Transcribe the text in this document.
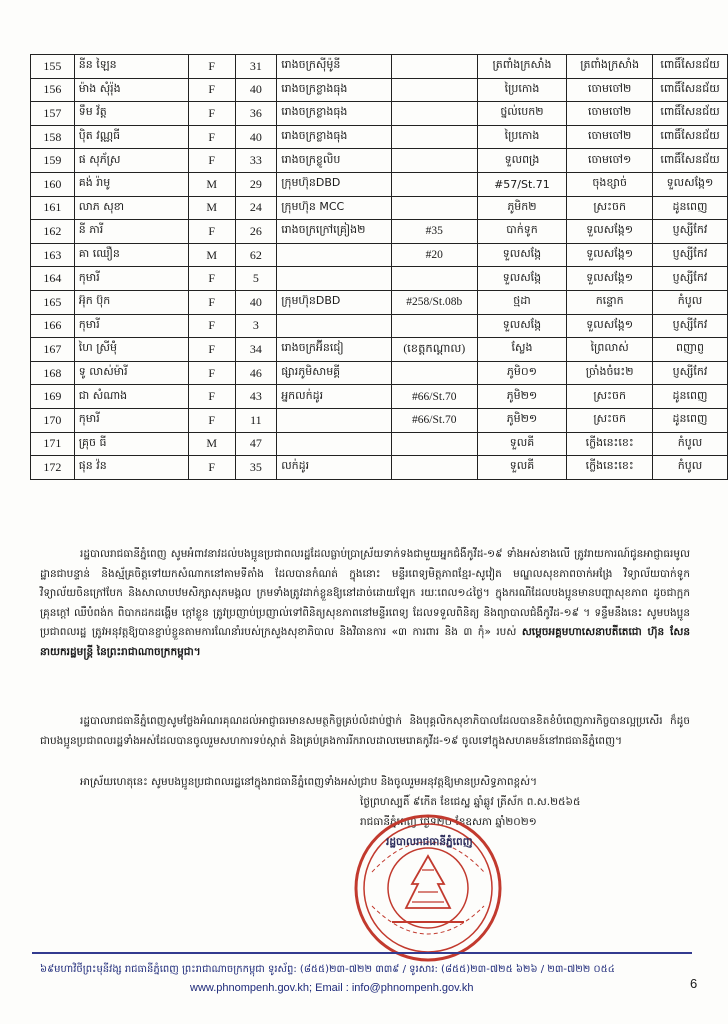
155	នីន ឡៃន	F	31	រោងចក្រស៊ីម៉ូនី		ត្រពាំងក្រសាំង	ត្រពាំងក្រសាំង	ពោធិ៍សែនជ័យ
156	ម៉ាង សុំរ៉ុង	F	40	រោងចក្រខ្លាងធុង		ប្រៃកោង	ចោមចៅ២	ពោធិ៍សែនជ័យ
157	ទឹម វ័ត្ត	F	36	រោងចក្រខ្លាងធុង		ថ្នល់បេក២	ចោមចៅ២	ពោធិ៍សែនជ័យ
158	ប៉ិត វណ្ណធី	F	40	រោងចក្រខ្លាងធុង		ប្រៃកោង	ចោមចៅ២	ពោធិ៍សែនជ័យ
159	ផ សុភ័ស្រ	F	33	រោងចក្រខ្លូលិប		ទួលពង្រ	ចោមចៅ១	ពោធិ៍សែនជ័យ
160	គង់ រ៉ាមូ	M	29	ក្រុមហ៊ុនDBD		#57/St.71	ចុងខ្សាច់	ទួលសង្កែ១
161	លាភ សុខា	M	24	ក្រុមហ៊ុន MCC		ភូមិក២	ស្រះចក	ដូនពេញ
162	នី ភារី	F	26	រោងចក្រក្រៅគ្រៀង២	#35	បាក់ទូក	ទួលសង្កែ១	ប្ញស្សីកែវ
163	គា ឈឿន	M	62		#20	ទួលសង្កែ	ទួលសង្កែ១	ប្ញស្សីកែវ
164	កុមារី	F	5			ទួលសង្កែ	ទួលសង្កែ១	ប្ញស្សីកែវ
165	អ៊ុក ប៊ុក	F	40	ក្រុមហ៊ុនDBD	#258/St.08b	ថ្មដា	កន្ទោក	កំបូល
166	កុមារី	F	3			ទួលសង្កែ	ទួលសង្កែ១	ប្ញស្សីកែវ
167	ហៃ ស្រីម៉ុំ	F	34	រោងចក្រអ៊ីនជៀ	(ខេត្តកណ្តាល)	ស្លែង	ព្រៃលាស់	ពញាព្ញ
168	ទូ លាស់ម៉ារី	F	46	ផ្សារភូមិសាមគ្គី		ភូមិ០១	ច្រាំងចំរេះ២	ប្ញស្សីកែវ
169	ជា សំណាង	F	43	អ្នកលក់ដូរ	#66/St.70	ភូមិ២១	ស្រះចក	ដូនពេញ
170	កុមារី	F	11		#66/St.70	ភូមិ២១	ស្រះចក	ដូនពេញ
171	គ្រុច ធី	M	47			ទួលគី	ក្លើងនេះខេះ	កំបូល
172	ផុន វ៉ន	F	35	លក់ដូរ		ទួលគី	ក្លើងនេះខេះ	កំបូល
រដ្ឋបាលរាជធានីភ្នំពេញ សូមអំពាវនាវដល់បងប្អូនប្រជាពលរដ្ឋដែលធ្លាប់ប្រាស្រ័យទាក់ទងជាមួយអ្នកជំងឺកូវីដ-១៩ ទាំងអស់ខាងលើ ត្រូវរាយការណ៍ជូនអាជ្ញាធរមូលដ្ឋានជាបន្ទាន់ និងស្ម័គ្រចិត្តទៅយកសំណាកនៅតាមទីតាំង ដែលបានកំណត់ ក្នុងនោះ មន្ទីរពេទ្យមិត្តភាពខ្មែរ-សូវៀត មណ្ឌលសុខភាពចាក់អង្រែ វិទ្យាល័យបាក់ទូក វិទ្យាល័យចិនក្រៅបែក និងសាលាបឋមសិក្សាសុភមង្គល ក្រមទាំងត្រូវដាក់ខ្លួនឱ្យនៅដាច់ដោយឡែក រយៈពេល១៤ថ្ងៃ។ ក្នុងករណីដែលបងប្អូនមានបញ្ហាសុខភាព ដូចជាក្អក គ្រុនក្តៅ ឈឺបំពង់ក ពិបាកដកដង្ហើម ក្តៅខ្លួន ត្រូវប្រញាប់ប្រញាល់ទៅពិនិត្យសុខភាពនៅមន្ទីរពេទ្យ ដែលទទួលពិនិត្យ និងព្យាបាលជំងឺកូវីដ-១៩ ។ ទន្ទឹមនឹងនេះ សូមបងប្អូនប្រជាពលរដ្ឋ ត្រូវអនុវត្តឱ្យបានខ្ជាប់ខ្ជួនតាមការណែនាំរបស់ក្រសួងសុខាភិបាល និងវិធានការ «៣ ការពារ និង ៣ កុំ» របស់ សម្តេចអគ្គមហាសេនាបតីតេជោ ហ៊ុន សែន នាយករដ្ឋមន្ត្រី នៃព្រះរាជាណាចក្រកម្ពុជា។
រដ្ឋបាលរាជធានីភ្នំពេញសូមថ្លែងអំណរគុណដល់អាជ្ញាធរមានសមត្ថកិច្ចគ្រប់លំដាប់ថ្នាក់ និងបុគ្គលិកសុខាភិបាលដែលបានខិតខំបំពេញភារកិច្ចបានល្អប្រសើរ ក៏ដូចជាបងប្អូនប្រជាពលរដ្ឋទាំងអស់ដែលបានចូលរួមសហការទប់ស្កាត់ និងគ្រប់គ្រងការរីករាលដាលមេរោគកូវីដ-១៩ ចូលទៅក្នុងសហគមន៍នៅរាជធានីភ្នំពេញ។
អាស្រ័យហេតុនេះ សូមបងប្អូនប្រជាពលរដ្ឋនៅក្នុងរាជធានីភ្នំពេញទាំងអស់ជ្រាប និងចូលរួមអនុវត្តឱ្យមានប្រសិទ្ធភាពខ្ពស់។
ថ្ងៃព្រហស្បតិ៍ ៩កើត ខែជេស្ឋ ឆ្នាំឆ្លូវ ត្រីស័ក ព.ស.២៥៦៥
រាជធានីភ្នំពេញ ថ្ងៃទី២០ ខែឧសភា ឆ្នាំ២០២១
រដ្ឋបាលរាជធានីភ្នំពេញ
៦៩មហាវិថីព្រះមុនីវង្ស រាជធានីភ្នំពេញ ព្រះរាជាណាចក្រកម្ពុជា ទូរស័ព្ទ: (៨៥៥)២៣-៧២២ ៣៣៩ / ទូរសារ: (៨៥៥)២៣-៧២៥ ៦២៦ / ២៣-៧២២ ០៥៤
www.phnompenh.gov.kh; Email : info@phnompenh.gov.kh	6
